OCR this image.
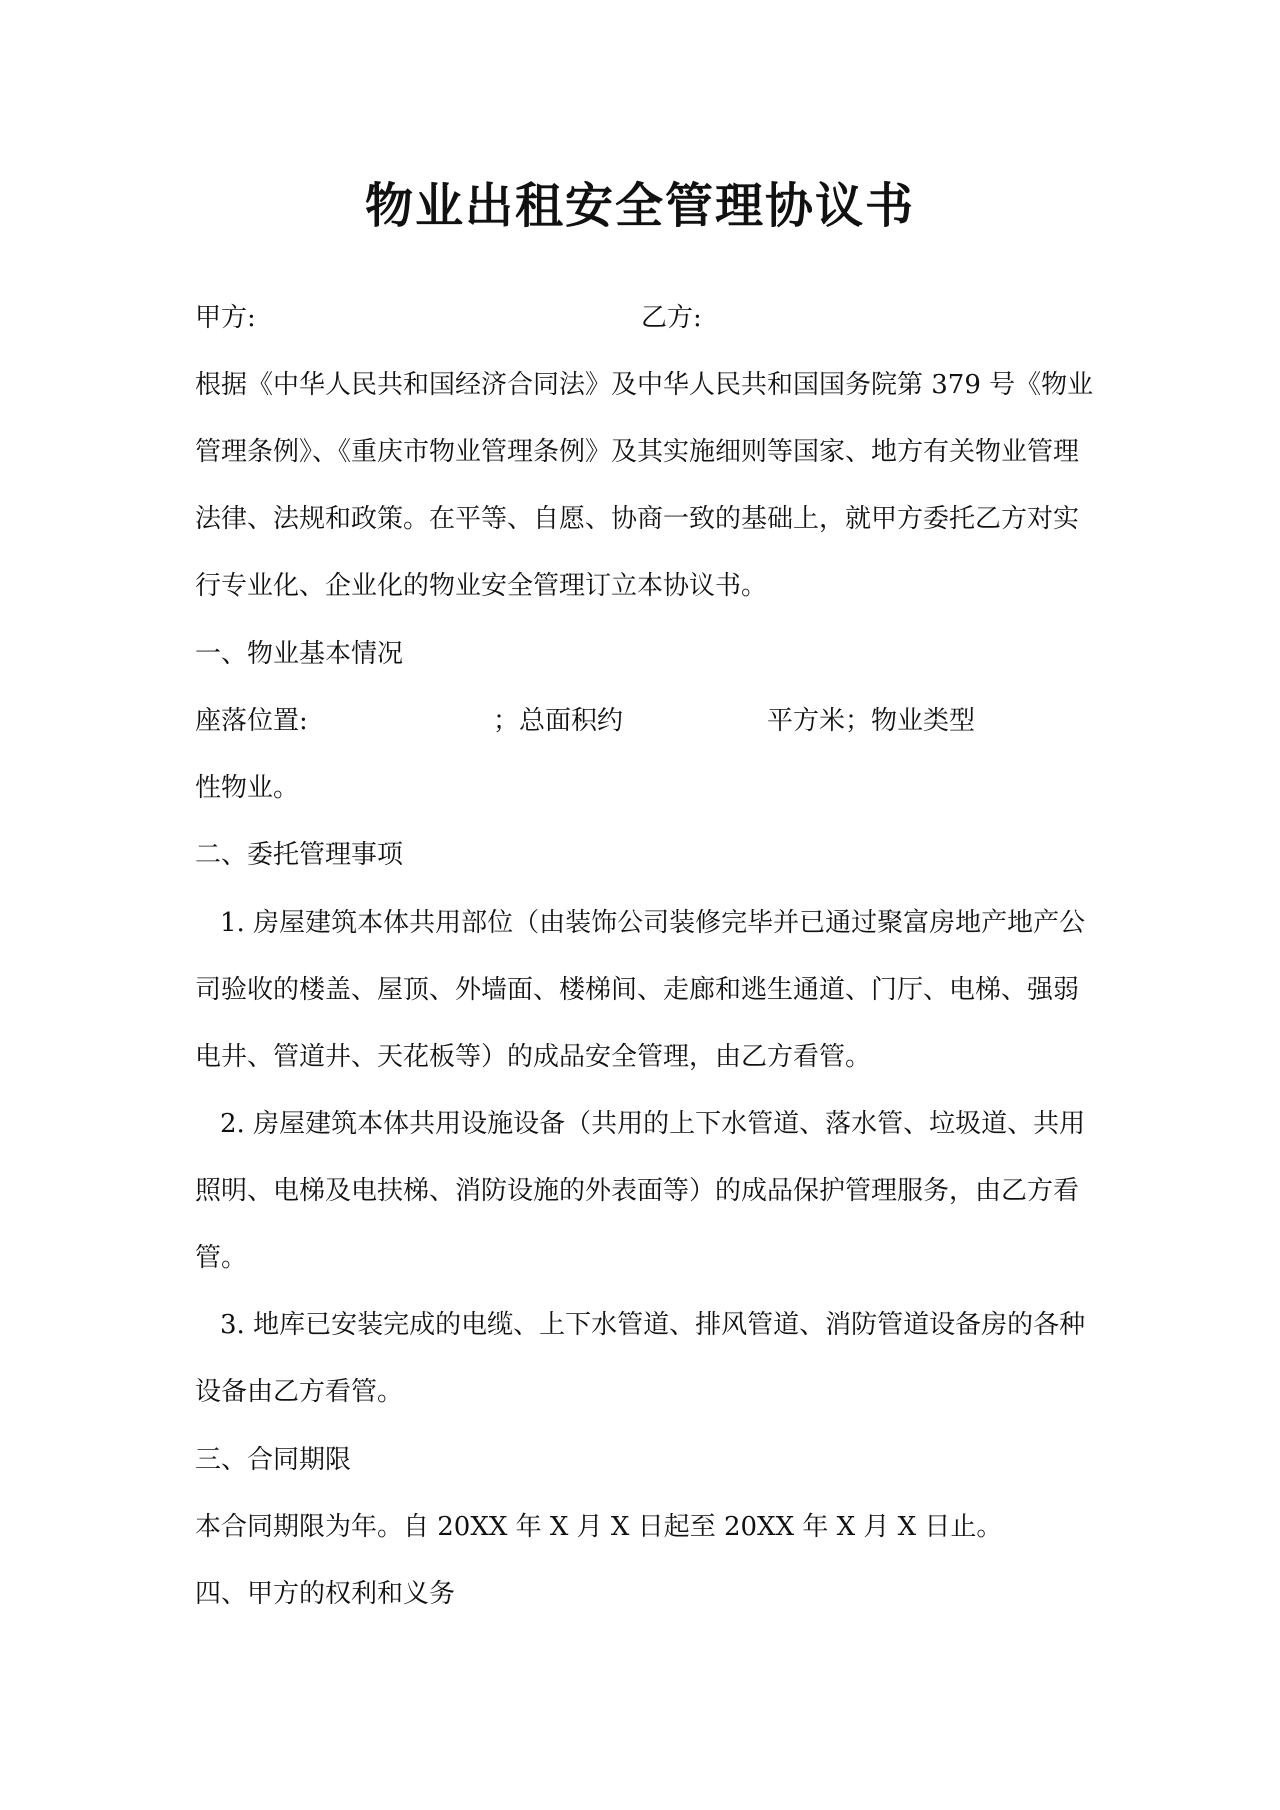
物业出租安全管理协议书
甲方:	乙方:
根据《中华人民共和国经济合同法》及中华人民共和国国务院第 379 号《物业
管理条例》、《重庆市物业管理条例》及其实施细则等国家、地方有关物业管理
法律、法规和政策。在平等、自愿、协商一致的基础上，就甲方委托乙方对实
行专业化、企业化的物业安全管理订立本协议书。
一、物业基本情况
座落位置:	；总面积约	平方米；物业类型
性物业。
二、委托管理事项
1. 房屋建筑本体共用部位（由装饰公司装修完毕并已通过聚富房地产地产公
司验收的楼盖、屋顶、外墙面、楼梯间、走廊和逃生通道、门厅、电梯、强弱
电井、管道井、天花板等）的成品安全管理，由乙方看管。
2. 房屋建筑本体共用设施设备（共用的上下水管道、落水管、垃圾道、共用
照明、电梯及电扶梯、消防设施的外表面等）的成品保护管理服务，由乙方看
管。
3. 地库已安装完成的电缆、上下水管道、排风管道、消防管道设备房的各种
设备由乙方看管。
三、合同期限
本合同期限为年。自 20XX 年 X 月 X 日起至 20XX 年 X 月 X 日止。
四、甲方的权利和义务
